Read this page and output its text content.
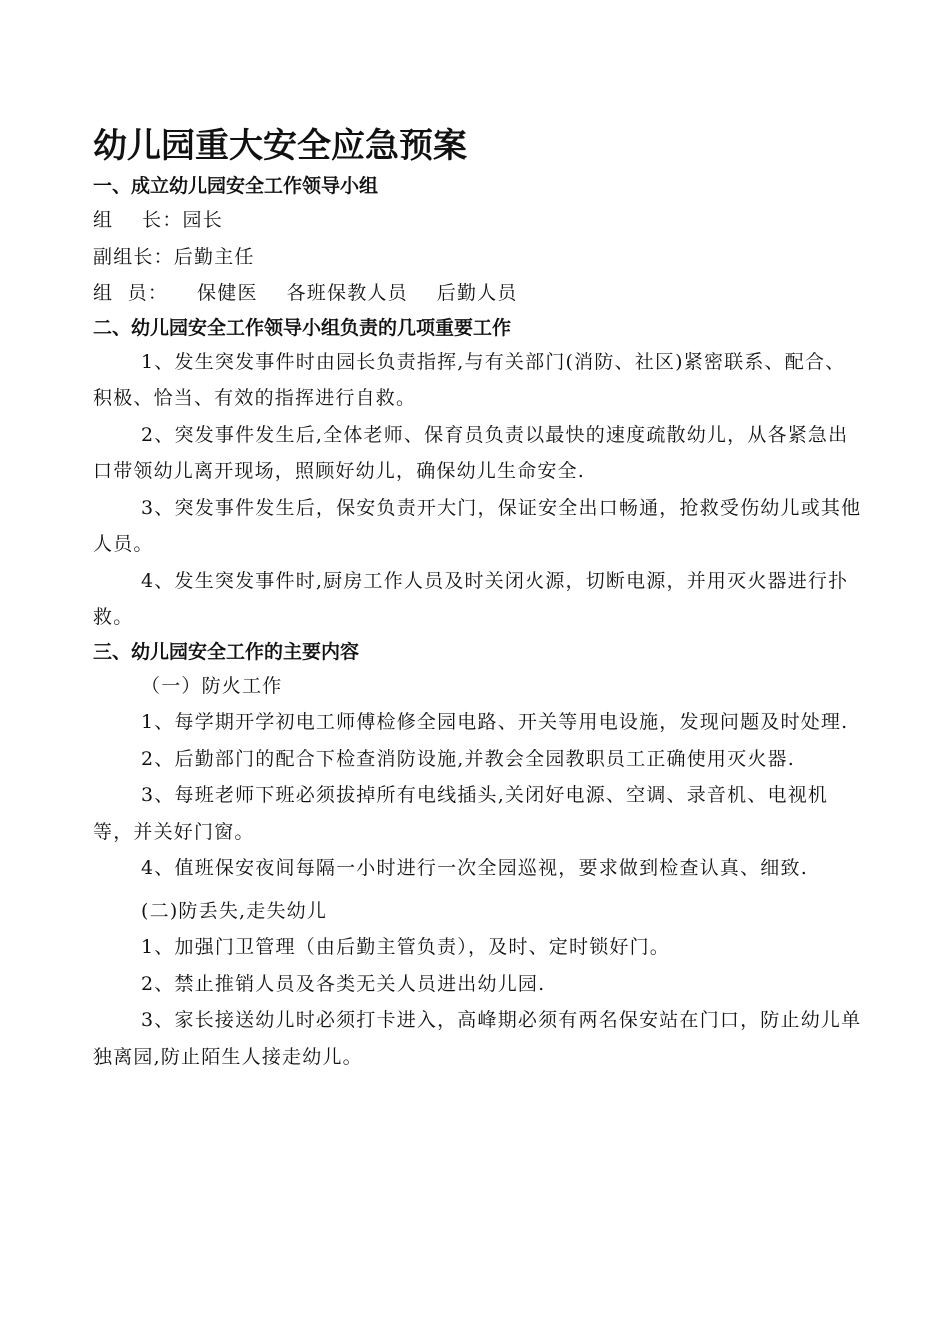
幼儿园重大安全应急预案

一、成立幼儿园安全工作领导小组

组    长：园长

副组长：后勤主任

组  员：    保健医    各班保教人员    后勤人员

二、幼儿园安全工作领导小组负责的几项重要工作

1、发生突发事件时由园长负责指挥,与有关部门(消防、社区)紧密联系、配合、积极、恰当、有效的指挥进行自救。

2、突发事件发生后,全体老师、保育员负责以最快的速度疏散幼儿，从各紧急出口带领幼儿离开现场，照顾好幼儿，确保幼儿生命安全.

3、突发事件发生后，保安负责开大门，保证安全出口畅通，抢救受伤幼儿或其他人员。

4、发生突发事件时,厨房工作人员及时关闭火源，切断电源，并用灭火器进行扑救。

三、幼儿园安全工作的主要内容

（一）防火工作

1、每学期开学初电工师傅检修全园电路、开关等用电设施，发现问题及时处理.

2、后勤部门的配合下检查消防设施,并教会全园教职员工正确使用灭火器.

3、每班老师下班必须拔掉所有电线插头,关闭好电源、空调、录音机、电视机等，并关好门窗。

4、值班保安夜间每隔一小时进行一次全园巡视，要求做到检查认真、细致.

(二)防丢失,走失幼儿

1、加强门卫管理（由后勤主管负责），及时、定时锁好门。

2、禁止推销人员及各类无关人员进出幼儿园.

3、家长接送幼儿时必须打卡进入，高峰期必须有两名保安站在门口，防止幼儿单独离园,防止陌生人接走幼儿。
